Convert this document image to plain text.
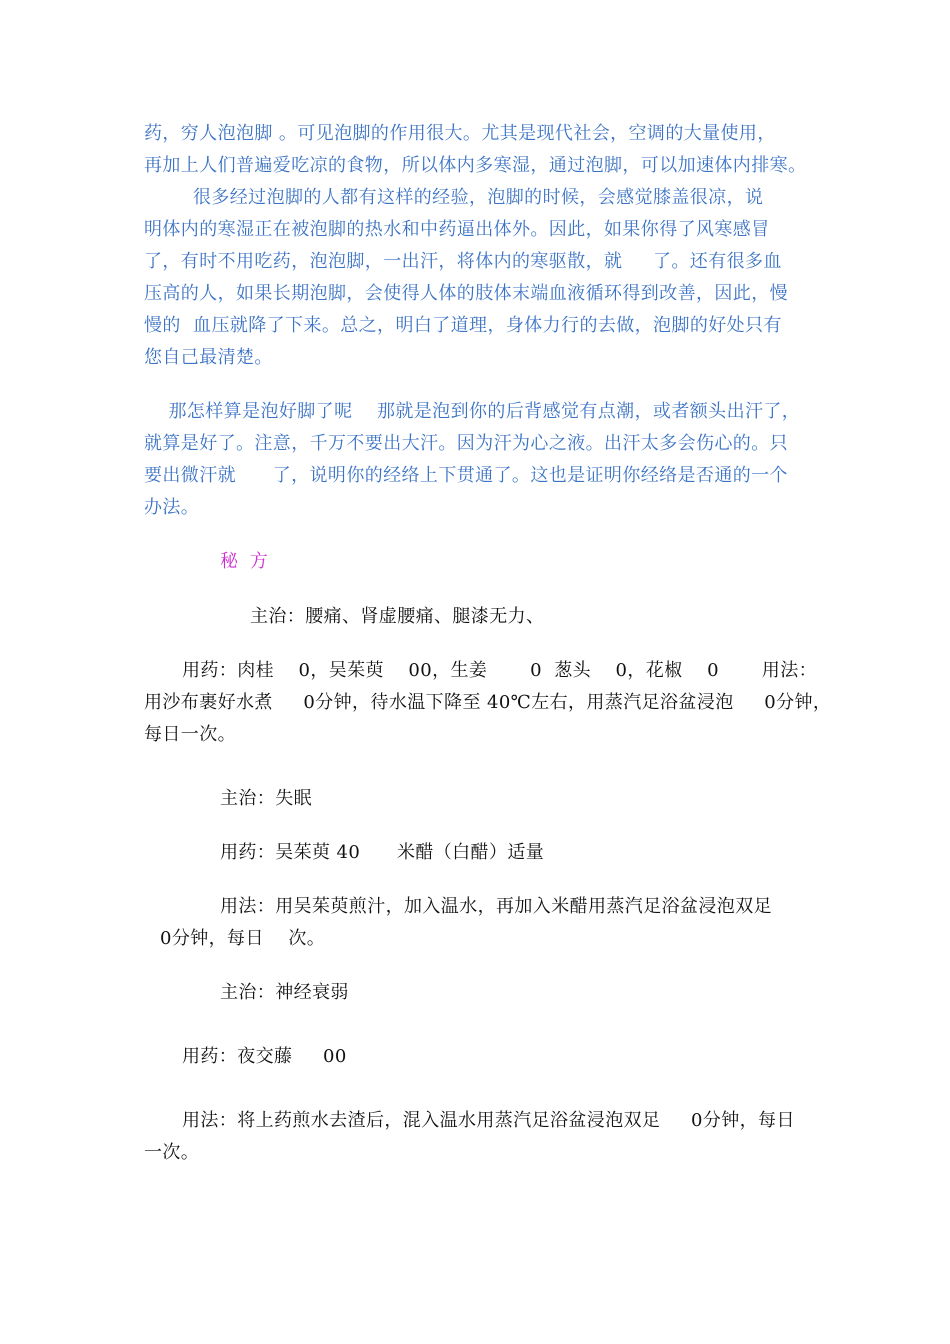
药，穷人泡泡脚 。可见泡脚的作用很大。尤其是现代社会，空调的大量使用，
再加上人们普遍爱吃凉的食物，所以体内多寒湿，通过泡脚，可以加速体内排寒。
很多经过泡脚的人都有这样的经验，泡脚的时候，会感觉膝盖很凉，说
明体内的寒湿正在被泡脚的热水和中药逼出体外。因此，如果你得了风寒感冒
了，有时不用吃药，泡泡脚，一出汗，将体内的寒驱散，就     了。还有很多血
压高的人，如果长期泡脚，会使得人体的肢体末端血液循环得到改善，因此，慢
慢的  血压就降了下来。总之，明白了道理，身体力行的去做，泡脚的好处只有
您自己最清楚。
那怎样算是泡好脚了呢    那就是泡到你的后背感觉有点潮，或者额头出汗了，
就算是好了。注意，千万不要出大汗。因为汗为心之液。出汗太多会伤心的。只
要出微汗就      了，说明你的经络上下贯通了。这也是证明你经络是否通的一个
办法。
秘 方
主治：腰痛、肾虚腰痛、腿漆无力、
用药：肉桂    0，吴茱萸    00，生姜       0  葱头    0，花椒    0       用法：
用沙布裹好水煮     0分钟，待水温下降至 40℃左右，用蒸汽足浴盆浸泡     0分钟，
每日一次。
主治：失眠
用药：吴茱萸 40      米醋（白醋）适量
用法：用吴茱萸煎汁，加入温水，再加入米醋用蒸汽足浴盆浸泡双足
0分钟，每日    次。
主治：神经衰弱
用药：夜交藤     00
用法：将上药煎水去渣后，混入温水用蒸汽足浴盆浸泡双足     0分钟，每日
一次。
